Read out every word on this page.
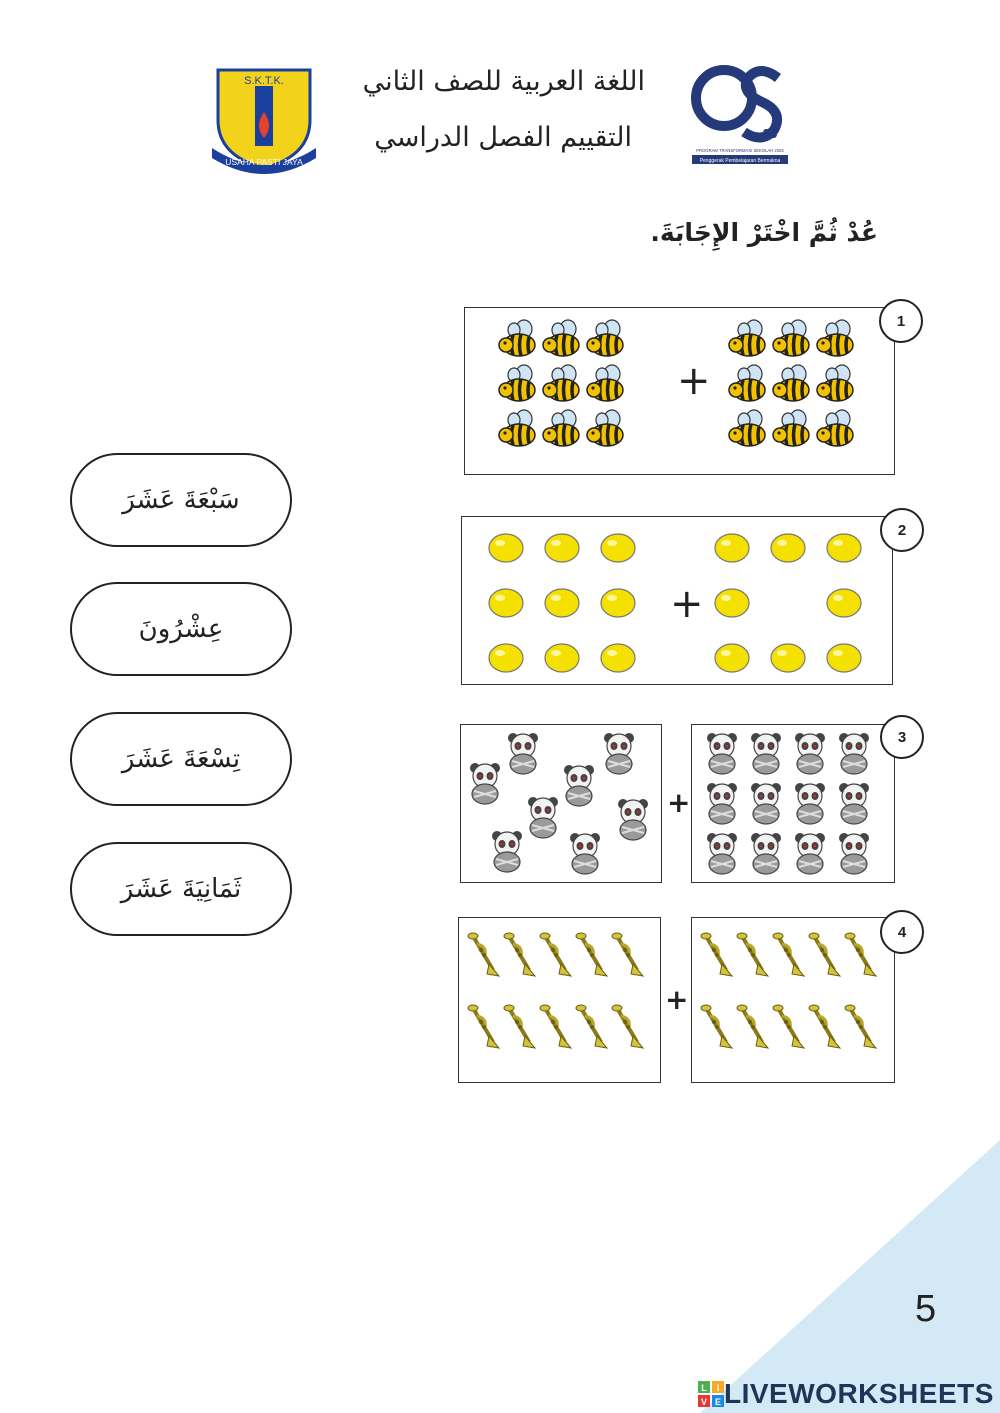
S.K.T.K.
USAHA PASTI JAYA
اللغة العربية للصف الثاني
التقييم الفصل الدراسي	25
PROGRAM TRANSFORMASI SEKOLAH 2025
Penggerak Pembelajaran Bermakna
عُدْ ثُمَّ اخْتَرْ الإِجَابَةَ.
سَبْعَةَ عَشَرَ
عِشْرُونَ
تِسْعَةَ عَشَرَ
ثَمَانِيَةَ عَشَرَ
+
1
+
2
+
3
+
4
5
L I
V E LIVEWORKSHEETS
